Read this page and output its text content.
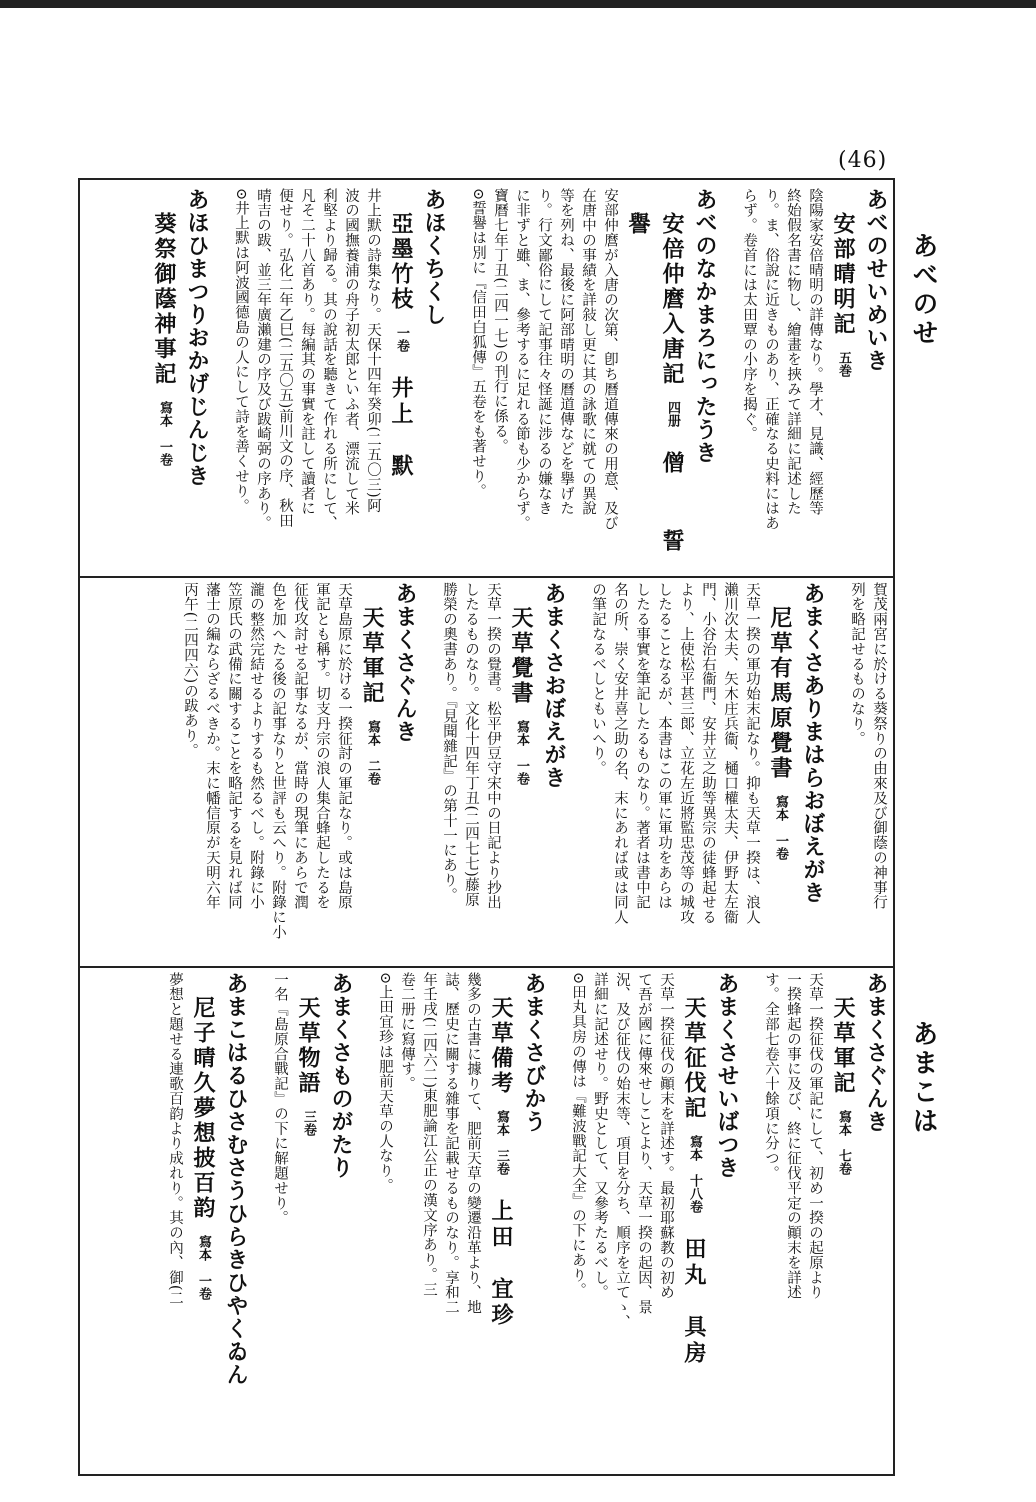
(46)
あべのせ
あまこは
あべのせいめいき
安部晴明記五巻
陰陽家安倍晴明の詳傳なり。學才、見識、經歷等
終始假名書に物し、繪畫を挾みて詳細に記述した
り。ま、俗說に近きものあり、正確なる史料にはあ
らず。卷首には太田覃の小序を揭ぐ。
あべのなかまろにったうき
安倍仲麿入唐記四册僧　　誓譽
安部仲麿が入唐の次第、卽ち曆道傳來の用意、及び
在唐中の事績を詳敍し更に其の詠歌に就ての異說
等を列ね、最後に阿部晴明の曆道傳などを擧げた
り。行文鄙俗にして記事往々怪誕に涉るの嫌なき
に非ずと雖、ま、參考するに足れる節も少からず。
寶曆七年丁丑(二四一七)の刊行に係る。
⊙誓譽は別に『信田白狐傳』五卷をも著せり。
あほくちくし
亞墨竹枝一卷井上　默
井上默の詩集なり。天保十四年癸卯(二五〇三)阿
波の國撫養浦の舟子初太郎といふ者、漂流して米
利堅より歸る。其の說話を聽きて作れる所にして、
凡そ二十八首あり。每編其の事實を註して讀者に
便せり。弘化二年乙巳(二五〇五)前川文の序、秋田
晴吉の跋、並三年廣瀨建の序及び跋崎弼の序あり。
⊙井上默は阿波國德島の人にして詩を善くせり。
あほひまつりおかげじんじき
葵祭御蔭神事記寫本　一卷
賀茂兩宮に於ける葵祭りの由來及び御蔭の神事行
列を略記せるものなり。
あまくさありまはらおぼえがき
尼草有馬原覺書寫本　一卷
天草一揆の軍功始末記なり。抑も天草一揆は、浪人
瀨川次太夫、矢木庄兵衞、樋口權太夫、伊野太左衞
門、小谷治右衞門、安井立之助等異宗の徒蜂起せる
より、上使松平甚三郞、立花左近將監忠茂等の城攻
したることなるが、本書はこの軍に軍功をあらは
したる事實を筆記したるものなり。著者は書中記
名の所、崇く安井喜之助の名、末にあれば或は同人
の筆記なるべしともいへり。
あまくさおぼえがき
天草覺書寫本　一卷
天草一揆の覺書。松平伊豆守宋中の日記より抄出
したるものなり。文化十四年丁丑(二四七七)藤原
勝榮の奧書あり。『見聞雜記』の第十一にあり。
あまくさぐんき
天草軍記寫本　二卷
天草島原に於ける一揆征討の軍記なり。或は島原
軍記とも稱す。切支丹宗の浪人集合蜂起したるを
征伐攻討せる記事なるが、當時の現筆にあらで潤
色を加へたる後の記事なりと世評も云へり。附錄に小
瀧の整然完結せるよりするも然るべし。附錄に小
笠原氏の武備に關することを略記するを見れば同
藩士の編ならざるべきか。末に幡信原が天明六年
丙午(二四四六)の跋あり。
あまくさぐんき
天草軍記寫本　七卷
天草一揆征伐の軍記にして、初め一揆の起原より
一揆蜂起の事に及び、終に征伐平定の顚末を詳述
す。全部七卷六十餘項に分つ。
あまくさせいばつき
天草征伐記寫本　十八卷田丸　具房
天草一揆征伐の顚末を詳述す。最初耶蘇教の初め
て吾が國に傳來せしことより、天草一揆の起因、景
況、及び征伐の始末等、項目を分ち、順序を立てゝ、
詳細に記述せり。野史として、又參考たるべし。
⊙田丸具房の傳は『難波戰記大全』の下にあり。
あまくさびかう
天草備考寫本　三卷上田　宜珍
幾多の古書に據りて、肥前天草の變遷沿革より、地
誌、歷史に關する雜事を記載せるものなり。享和二
年壬戌(二四六二)東肥論江公正の漢文序あり。三
卷二册に寫傳す。
⊙上田宜珍は肥前天草の人なり。
あまくさものがたり
天草物語三卷
一名『島原合戰記』の下に解題せり。
あまこはるひさむさうひらきひやくゐん
尼子晴久夢想披百韵寫本　一卷
夢想と題せる連歌百韵より成れり。其の內、御(二
